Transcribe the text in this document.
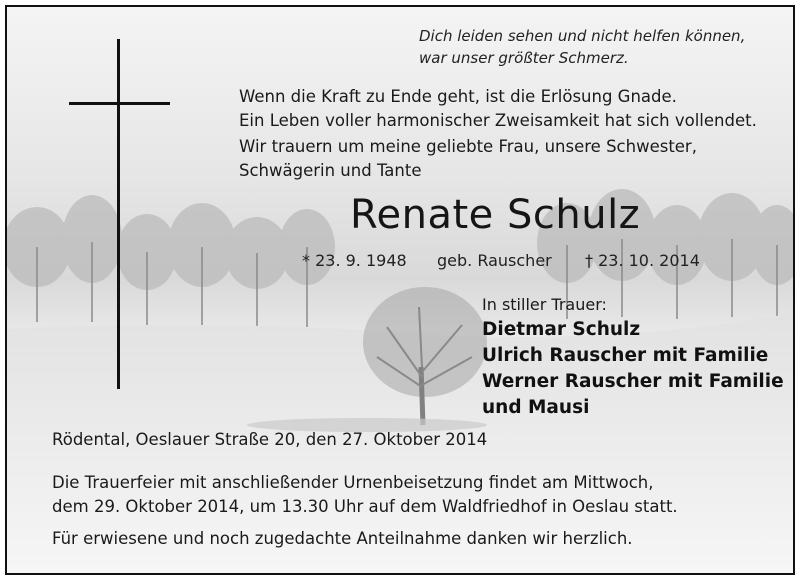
Dich leiden sehen und nicht helfen können,
war unser größter Schmerz.
Wenn die Kraft zu Ende geht, ist die Erlösung Gnade.
Ein Leben voller harmonischer Zweisamkeit hat sich vollendet.
Wir trauern um meine geliebte Frau, unsere Schwester,
Schwägerin und Tante
Renate Schulz
* 23. 9. 1948 geb. Rauscher † 23. 10. 2014
In stiller Trauer:
Dietmar Schulz
Ulrich Rauscher mit Familie
Werner Rauscher mit Familie
und Mausi
Rödental, Oeslauer Straße 20, den 27. Oktober 2014
Die Trauerfeier mit anschließender Urnenbeisetzung findet am Mittwoch,
dem 29. Oktober 2014, um 13.30 Uhr auf dem Waldfriedhof in Oeslau statt.
Für erwiesene und noch zugedachte Anteilnahme danken wir herzlich.
